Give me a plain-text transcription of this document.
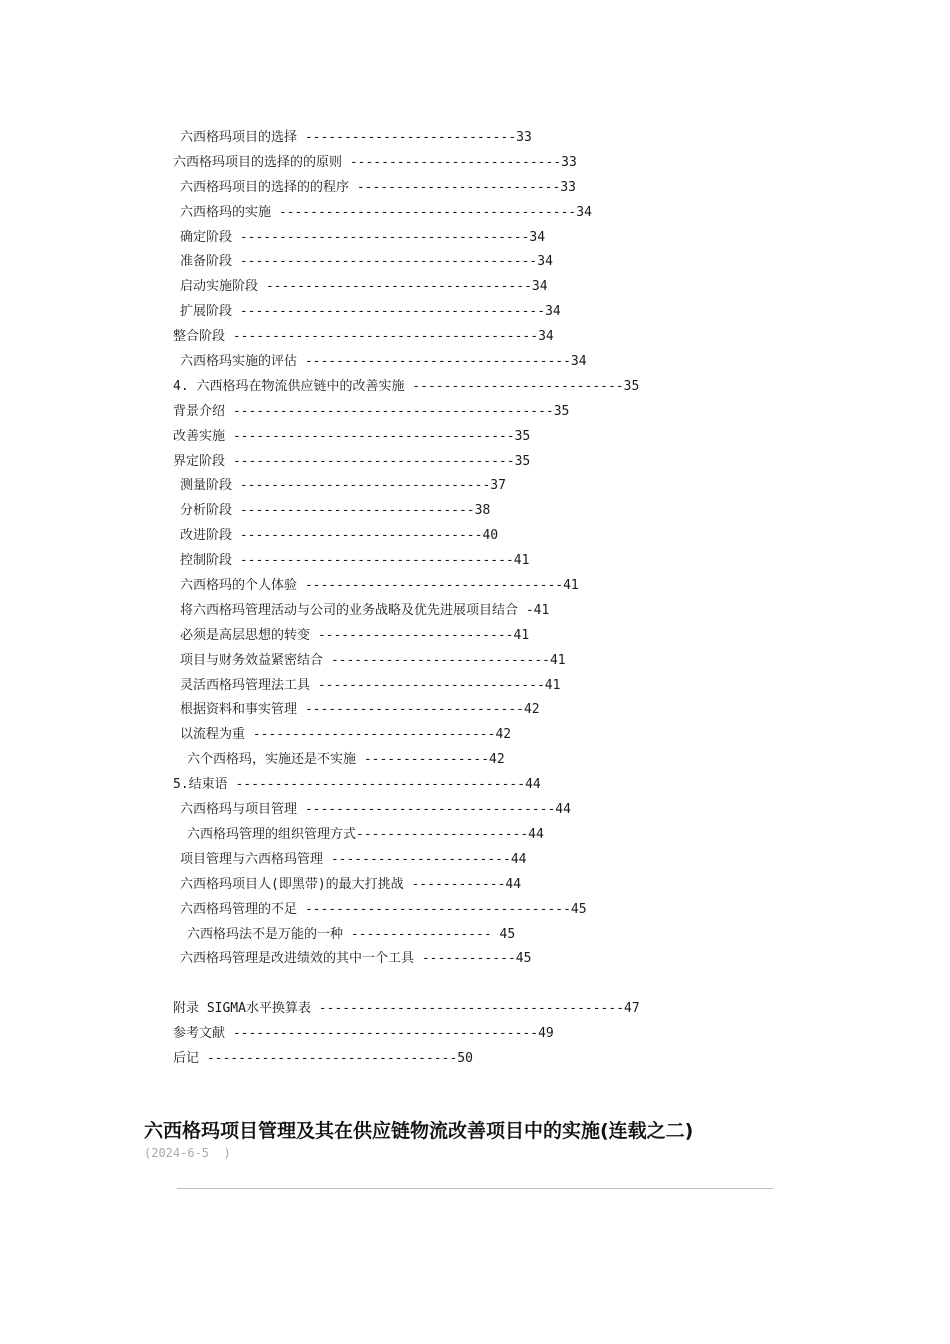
六西格玛项目的选择 ---------------------------33
六西格玛项目的选择的的原则 ---------------------------33
六西格玛项目的选择的的程序 --------------------------33
六西格玛的实施 --------------------------------------34
确定阶段 -------------------------------------34
准备阶段 --------------------------------------34
启动实施阶段 ----------------------------------34
扩展阶段 ---------------------------------------34
整合阶段 ---------------------------------------34
六西格玛实施的评估 ----------------------------------34
4. 六西格玛在物流供应链中的改善实施 ---------------------------35
背景介绍 -----------------------------------------35
改善实施 ------------------------------------35
界定阶段 ------------------------------------35
测量阶段 --------------------------------37
分析阶段 ------------------------------38
改进阶段 -------------------------------40
控制阶段 -----------------------------------41
六西格玛的个人体验 ---------------------------------41
将六西格玛管理活动与公司的业务战略及优先进展项目结合 -41
必须是高层思想的转变 -------------------------41
项目与财务效益紧密结合 ----------------------------41
灵活西格玛管理法工具 -----------------------------41
根据资料和事实管理 ----------------------------42
以流程为重 -------------------------------42
六个西格玛，实施还是不实施 ----------------42
5.结束语 -------------------------------------44
六西格玛与项目管理 --------------------------------44
六西格玛管理的组织管理方式----------------------44
项目管理与六西格玛管理 -----------------------44
六西格玛项目人(即黑带)的最大打挑战 ------------44
六西格玛管理的不足 ----------------------------------45
六西格玛法不是万能的一种 ------------------ 45
六西格玛管理是改进绩效的其中一个工具 ------------45
附录 SIGMA水平换算表 ---------------------------------------47
参考文献 ---------------------------------------49
后记 --------------------------------50
六西格玛项目管理及其在供应链物流改善项目中的实施(连载之二)
(2024-6-5  )
